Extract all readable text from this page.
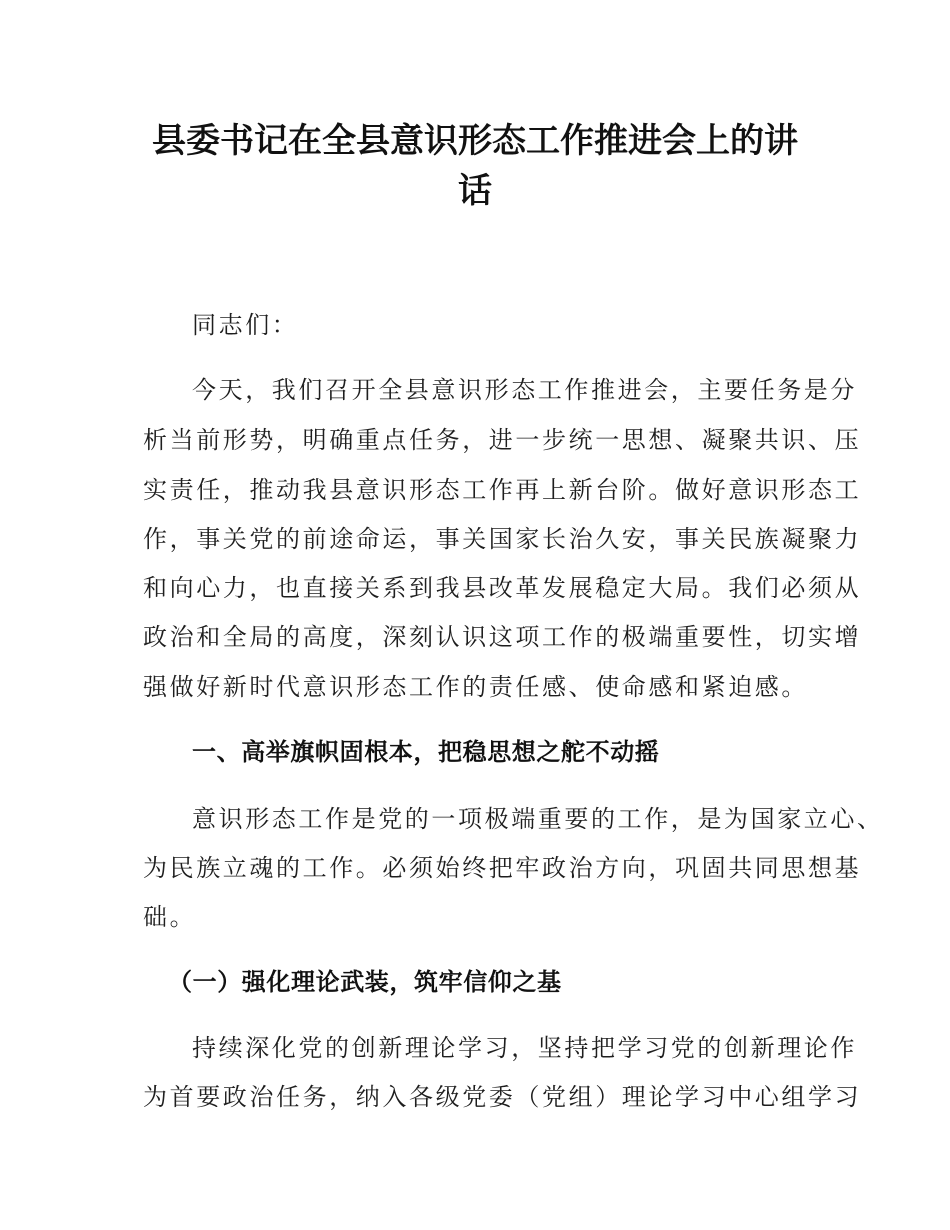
县委书记在全县意识形态工作推进会上的讲
话
同志们：
今天，我们召开全县意识形态工作推进会，主要任务是分
析当前形势，明确重点任务，进一步统一思想、凝聚共识、压
实责任，推动我县意识形态工作再上新台阶。做好意识形态工
作，事关党的前途命运，事关国家长治久安，事关民族凝聚力
和向心力，也直接关系到我县改革发展稳定大局。我们必须从
政治和全局的高度，深刻认识这项工作的极端重要性，切实增
强做好新时代意识形态工作的责任感、使命感和紧迫感。
一、高举旗帜固根本，把稳思想之舵不动摇
意识形态工作是党的一项极端重要的工作，是为国家立心、
为民族立魂的工作。必须始终把牢政治方向，巩固共同思想基
础。
（一）强化理论武装，筑牢信仰之基
持续深化党的创新理论学习，坚持把学习党的创新理论作
为首要政治任务，纳入各级党委（党组）理论学习中心组学习
